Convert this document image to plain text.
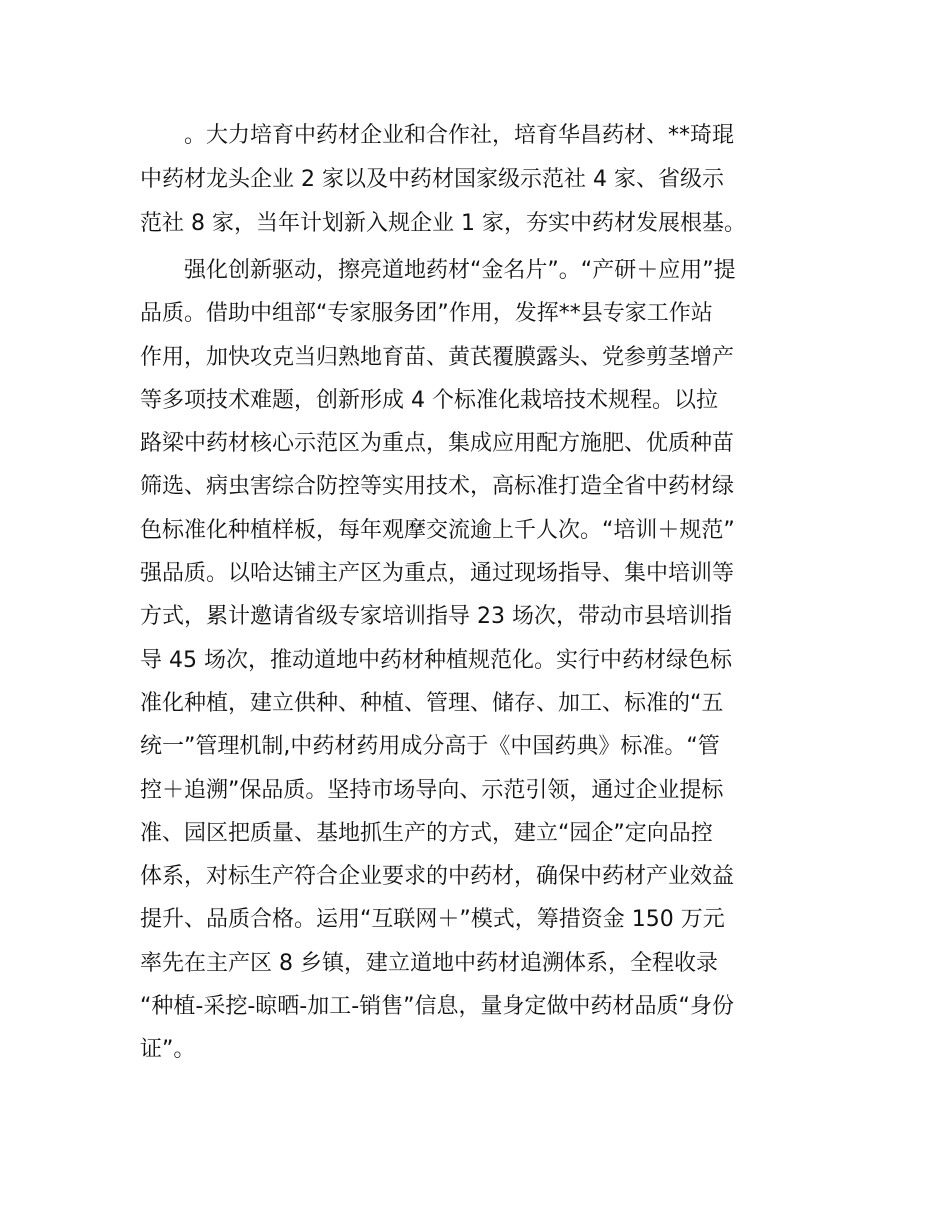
。大力培育中药材企业和合作社，培育华昌药材、**琦琨
中药材龙头企业 2 家以及中药材国家级示范社 4 家、省级示
范社 8 家，当年计划新入规企业 1 家，夯实中药材发展根基。

强化创新驱动，擦亮道地药材“金名片”。“产研＋应用”提
品质。借助中组部“专家服务团”作用，发挥**县专家工作站
作用，加快攻克当归熟地育苗、黄芪覆膜露头、党参剪茎增产
等多项技术难题，创新形成 4 个标准化栽培技术规程。以拉
路梁中药材核心示范区为重点，集成应用配方施肥、优质种苗
筛选、病虫害综合防控等实用技术，高标准打造全省中药材绿
色标准化种植样板，每年观摩交流逾上千人次。“培训＋规范”
强品质。以哈达铺主产区为重点，通过现场指导、集中培训等
方式，累计邀请省级专家培训指导 23 场次，带动市县培训指
导 45 场次，推动道地中药材种植规范化。实行中药材绿色标
准化种植，建立供种、种植、管理、储存、加工、标准的“五
统一”管理机制,中药材药用成分高于《中国药典》标准。“管
控＋追溯”保品质。坚持市场导向、示范引领，通过企业提标
准、园区把质量、基地抓生产的方式，建立“园企”定向品控
体系，对标生产符合企业要求的中药材，确保中药材产业效益
提升、品质合格。运用“互联网＋”模式，筹措资金 150 万元
率先在主产区 8 乡镇，建立道地中药材追溯体系，全程收录
“种植-采挖-晾晒-加工-销售”信息，量身定做中药材品质“身份
证”。
